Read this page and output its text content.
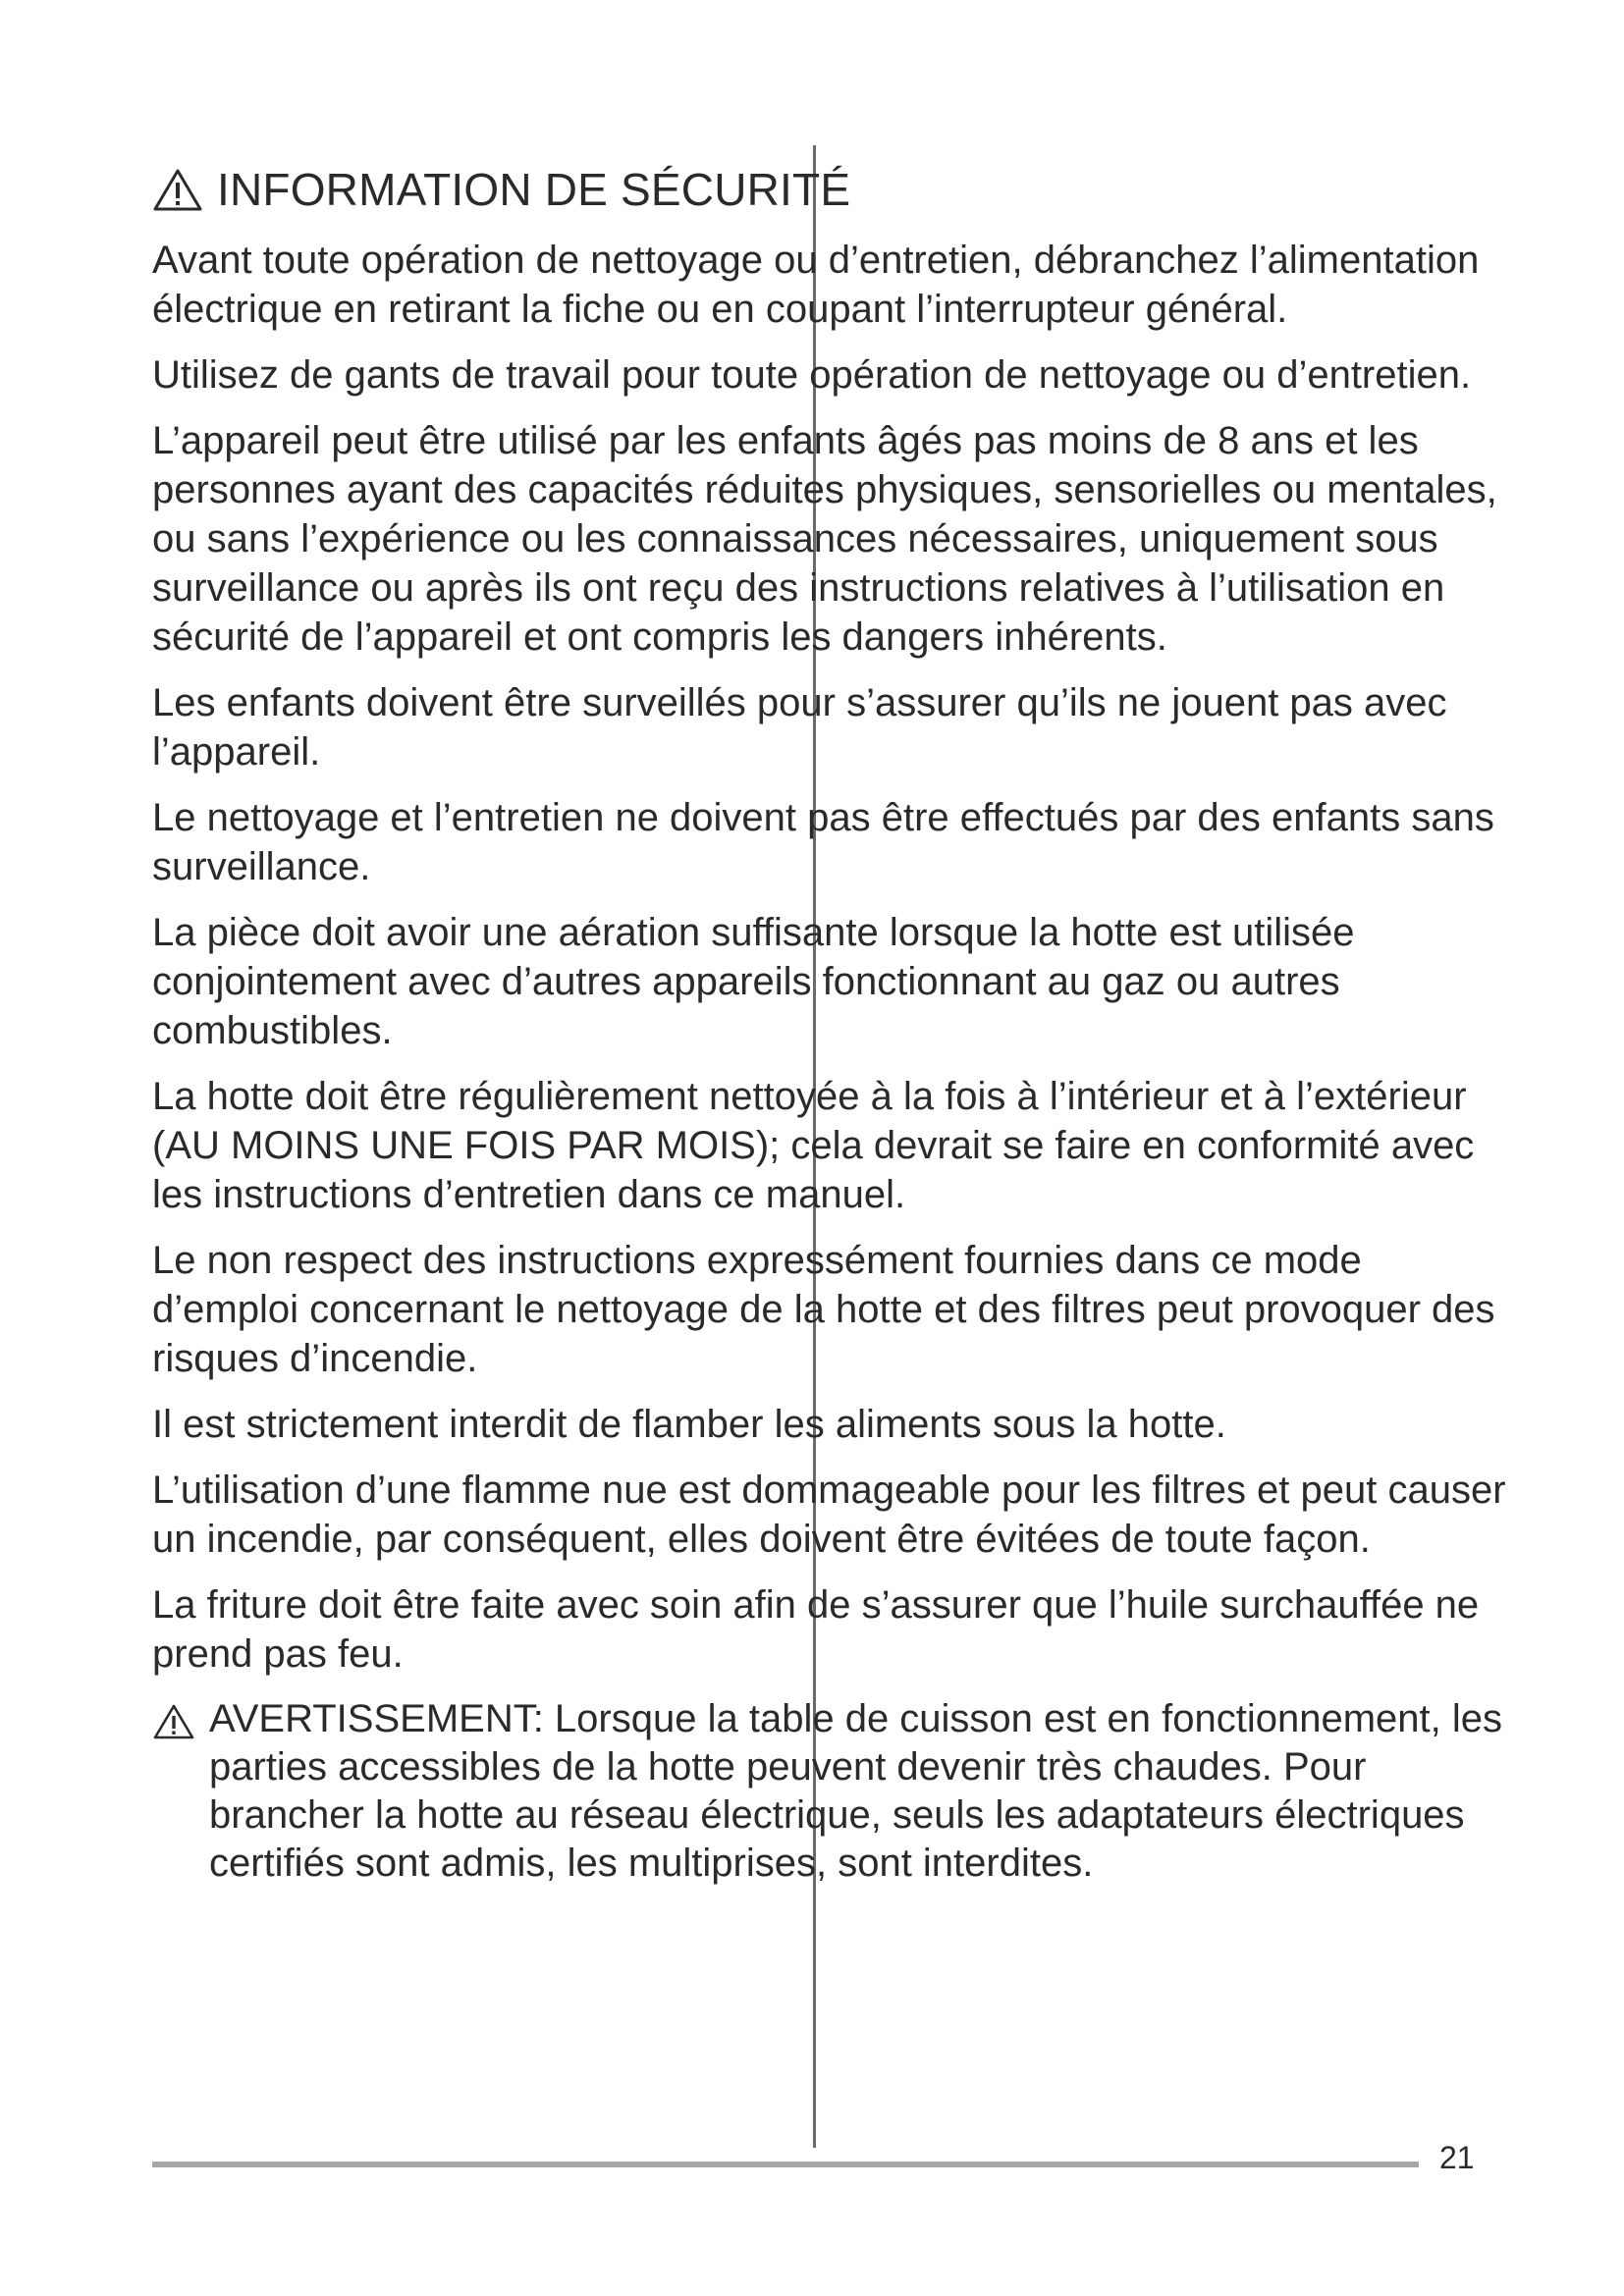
INFORMATION DE SÉCURITÉ

Avant toute opération de nettoyage ou d’entretien, débranchez l’alimentation électrique en retirant la fiche ou en coupant l’interrupteur général.

Utilisez de gants de travail pour toute opération de nettoyage ou d’entretien.

L’appareil peut être utilisé par les enfants âgés pas moins de 8 ans et les personnes ayant des capacités réduites physiques, sensorielles ou mentales, ou sans l’expérience ou les connaissances nécessaires, uniquement sous surveillance ou après ils ont reçu des instructions relatives à l’utilisation en sécurité de l’appareil et ont compris les dangers inhérents.

Les enfants doivent être surveillés pour s’assurer qu’ils ne jouent pas avec l’appareil.

Le nettoyage et l’entretien ne doivent pas être effectués par des enfants sans surveillance.

La pièce doit avoir une aération suffisante lorsque la hotte est utilisée conjointement avec d’autres appareils fonctionnant au gaz ou autres combustibles.

La hotte doit être régulièrement nettoyée à la fois à l’intérieur et à l’extérieur (AU MOINS UNE FOIS PAR MOIS); cela devrait se faire en conformité avec les instructions d’entretien dans ce manuel.

Le non respect des instructions expressément fournies dans ce mode d’emploi concernant le nettoyage de la hotte et des filtres peut provoquer des risques d’incendie.

Il est strictement interdit de flamber les aliments sous la hotte.

L’utilisation d’une flamme nue est dommageable pour les filtres et peut causer un incendie, par conséquent, elles doivent être évitées de toute façon.

La friture doit être faite avec soin afin de s’assurer que l’huile surchauffée ne prend pas feu.

AVERTISSEMENT: Lorsque la table de cuisson est en fonctionnement, les parties accessibles de la hotte peuvent devenir très chaudes. Pour brancher la hotte au réseau électrique, seuls les adaptateurs électriques certifiés sont admis, les multiprises, sont interdites.
21
